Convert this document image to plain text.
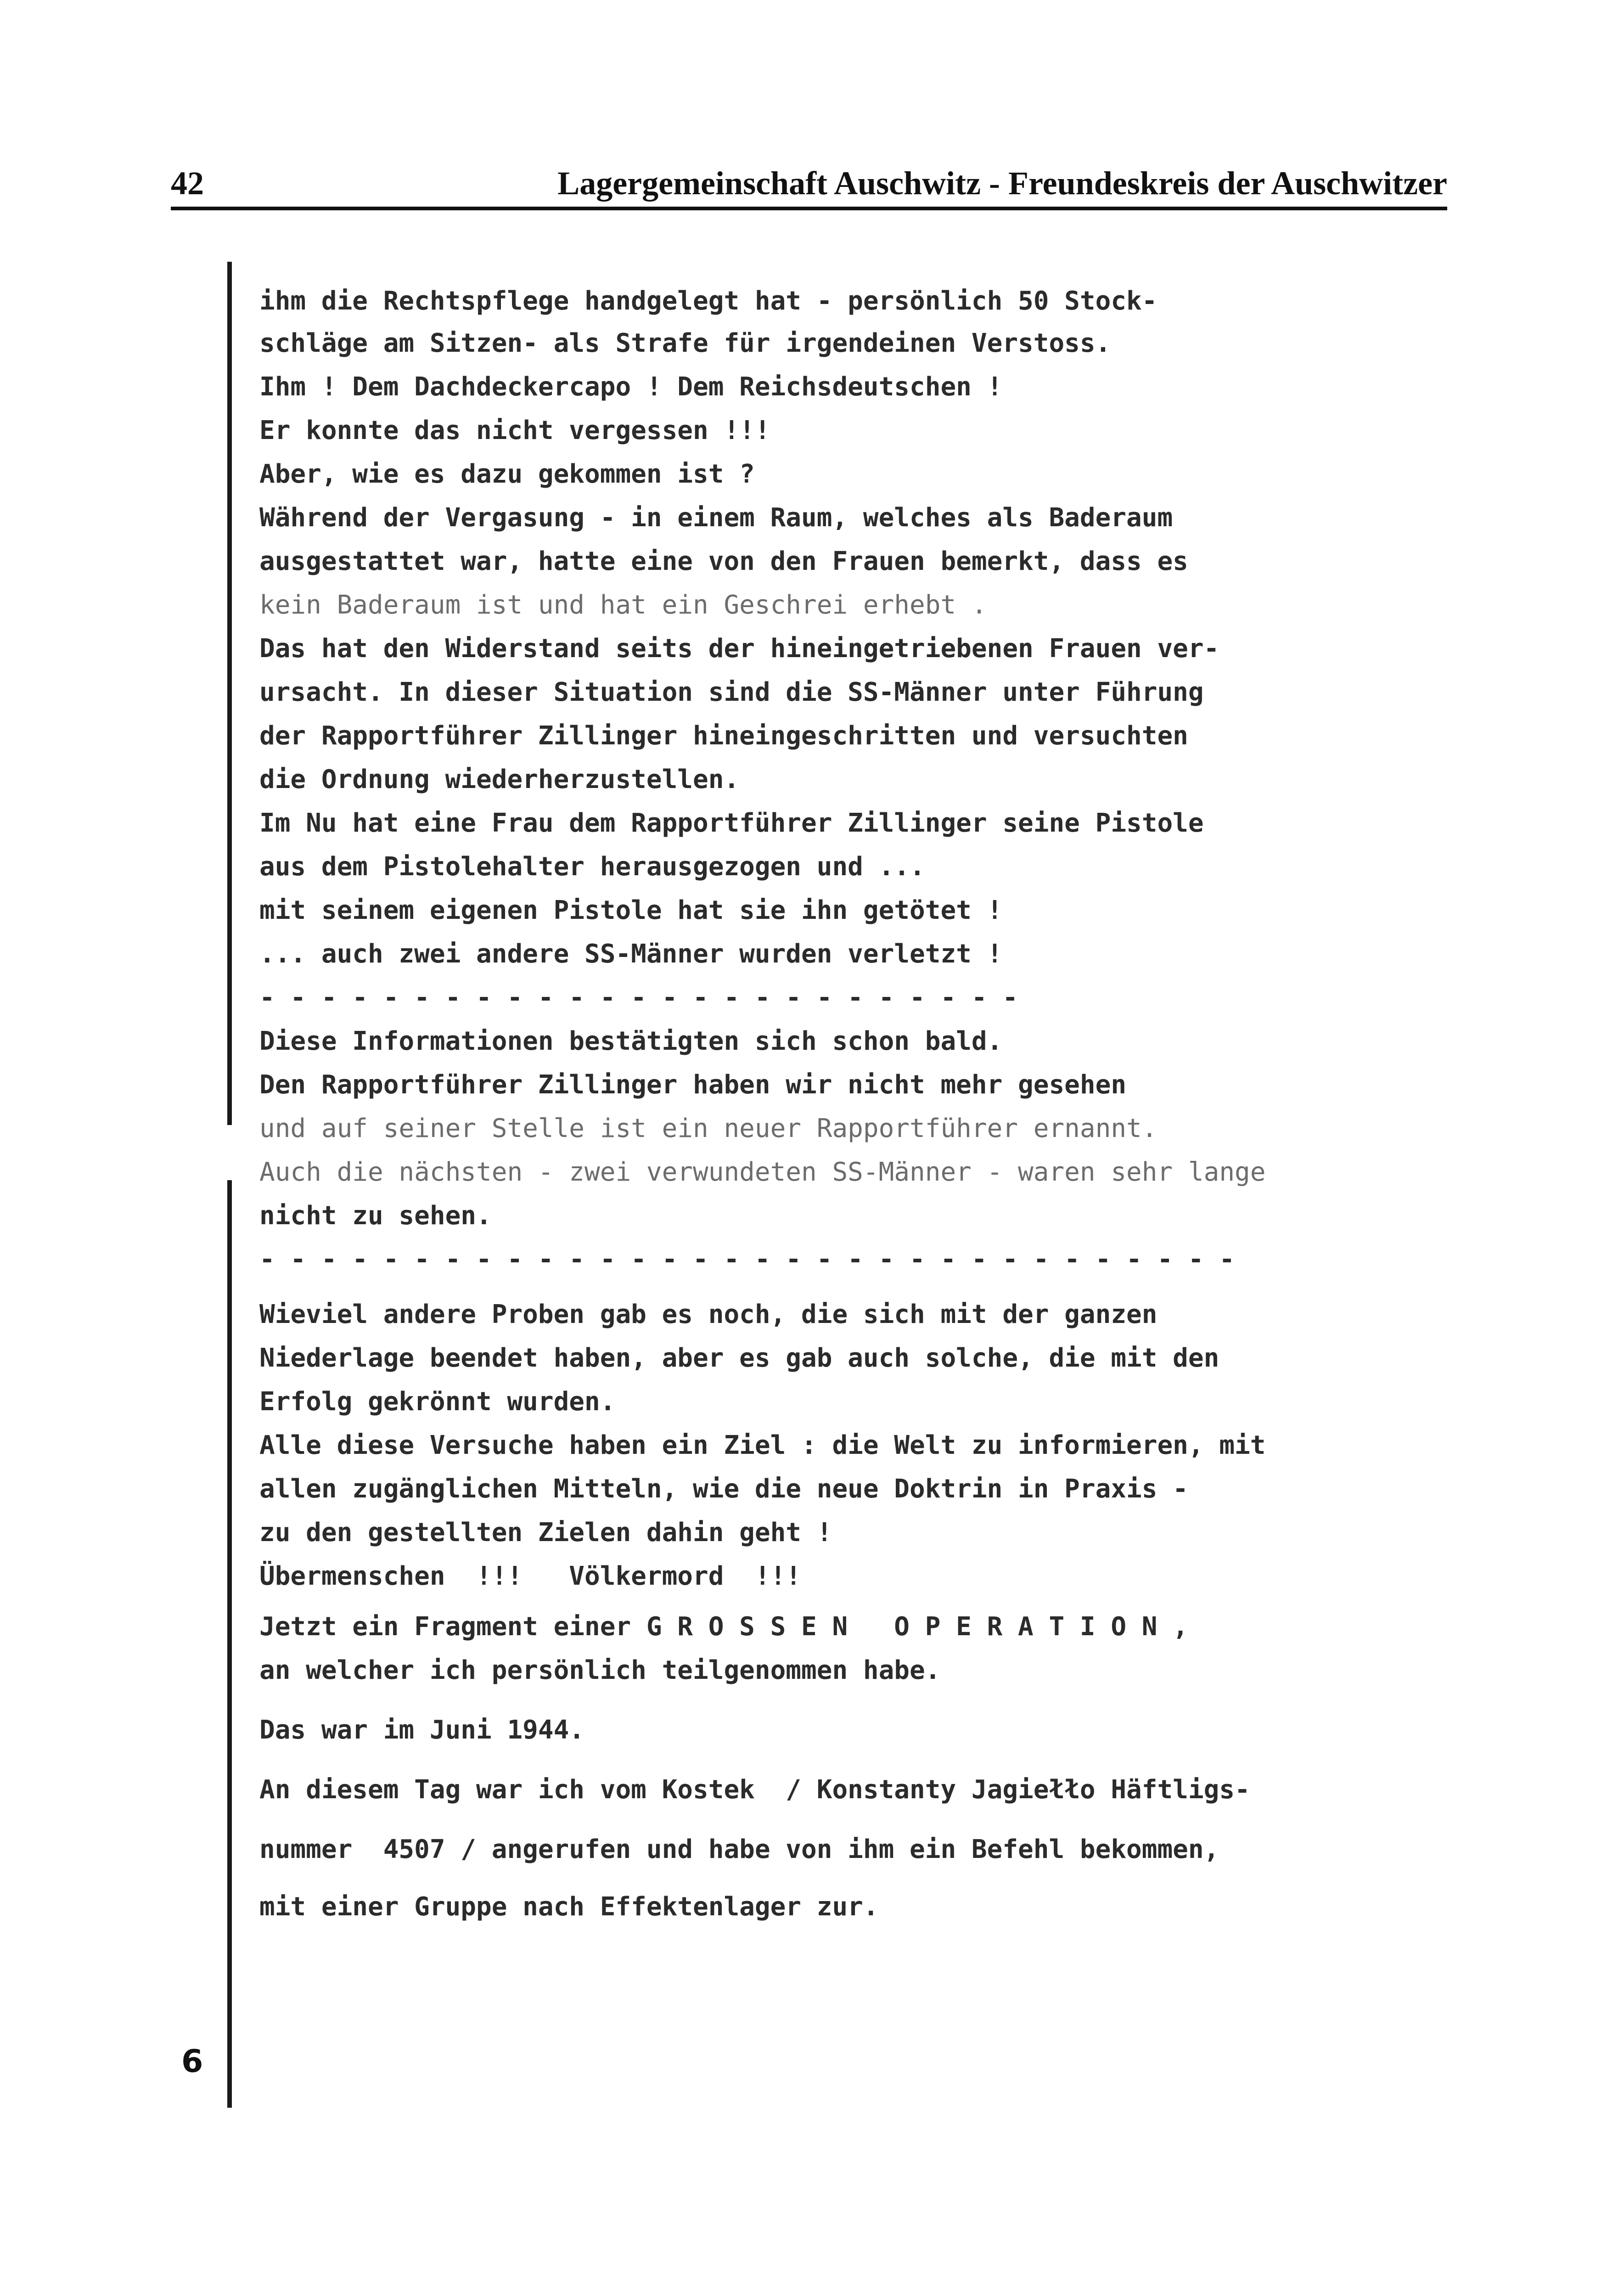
42	Lagergemeinschaft Auschwitz - Freundeskreis der Auschwitzer
6
ihm die Rechtspflege handgelegt hat - persönlich 50 Stock-
schläge am Sitzen- als Strafe für irgendeinen Verstoss.
Ihm ! Dem Dachdeckercapo ! Dem Reichsdeutschen !
Er konnte das nicht vergessen !!!
Aber, wie es dazu gekommen ist ?
Während der Vergasung - in einem Raum, welches als Baderaum
ausgestattet war, hatte eine von den Frauen bemerkt, dass es
kein Baderaum ist und hat ein Geschrei erhebt .
Das hat den Widerstand seits der hineingetriebenen Frauen ver-
ursacht. In dieser Situation sind die SS-Männer unter Führung
der Rapportführer Zillinger hineingeschritten und versuchten
die Ordnung wiederherzustellen.
Im Nu hat eine Frau dem Rapportführer Zillinger seine Pistole
aus dem Pistolehalter herausgezogen und ...
mit seinem eigenen Pistole hat sie ihn getötet !
... auch zwei andere SS-Männer wurden verletzt !
- - - - - - - - - - - - - - - - - - - - - - - - -
Diese Informationen bestätigten sich schon bald.
Den Rapportführer Zillinger haben wir nicht mehr gesehen
und auf seiner Stelle ist ein neuer Rapportführer ernannt.
Auch die nächsten - zwei verwundeten SS-Männer - waren sehr lange
nicht zu sehen.
- - - - - - - - - - - - - - - - - - - - - - - - - - - - - - - -
Wieviel andere Proben gab es noch, die sich mit der ganzen
Niederlage beendet haben, aber es gab auch solche, die mit den
Erfolg gekrönnt wurden.
Alle diese Versuche haben ein Ziel : die Welt zu informieren, mit
allen zugänglichen Mitteln, wie die neue Doktrin in Praxis -
zu den gestellten Zielen dahin geht !
Übermenschen  !!!   Völkermord  !!!
Jetzt ein Fragment einer G R O S S E N   O P E R A T I O N ,
an welcher ich persönlich teilgenommen habe.
Das war im Juni 1944.
An diesem Tag war ich vom Kostek  / Konstanty Jagiełło Häftligs-
nummer  4507 / angerufen und habe von ihm ein Befehl bekommen,
mit einer Gruppe nach Effektenlager zur.
